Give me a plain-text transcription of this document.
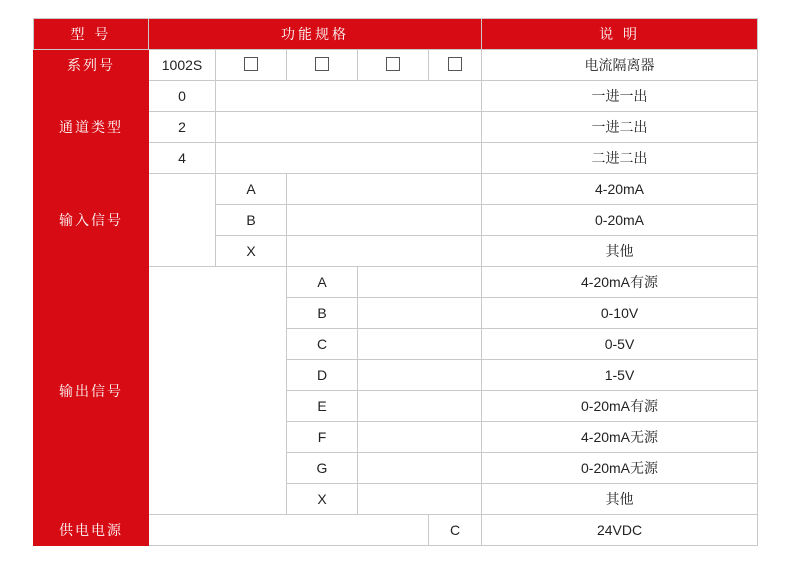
型 号	功能规格					说 明
系列号	1002S					电流隔离器
通道类型	0					一进一出
	2					一进二出
	4					二进二出
输入信号		A				4-20mA
		B				0-20mA
		X				其他
输出信号			A			4-20mA有源
			B			0-10V
			C			0-5V
			D			1-5V
			E			0-20mA有源
			F			4-20mA无源
			G			0-20mA无源
			X			其他
供电电源					C	24VDC
